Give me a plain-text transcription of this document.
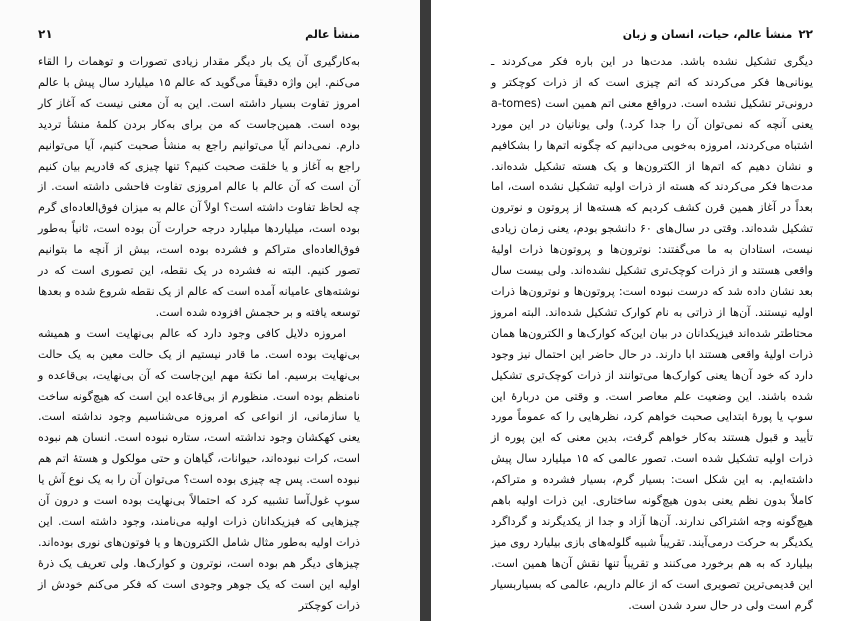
منشأ عالم
۲۱

به‌کارگیری آن یک بار دیگر مقدار زیادی تصورات و توهمات را القاء می‌کنم. این واژه دقیقاً می‌گوید که عالم ۱۵ میلیارد سال پیش با عالم امروز تفاوت بسیار داشته است. این به آن معنی نیست که آغاز کار بوده است. همین‌جاست که من برای به‌کار بردن کلمهٔ منشأ تردید دارم. نمی‌دانم آیا می‌توانیم راجع به منشأ صحبت کنیم، آیا می‌توانیم راجع به آغاز و یا خلقت صحبت کنیم؟ تنها چیزی که قادریم بیان کنیم آن است که آن عالم با عالم امروزی تفاوت فاحشی داشته است. از چه لحاظ تفاوت داشته است؟ اولاً آن عالم به میزان فوق‌العاده‌ای گرم بوده است، میلیاردها میلیارد درجه حرارت آن بوده است، ثانیاً به‌طور فوق‌العاده‌ای متراکم و فشرده بوده است، بیش از آنچه ما بتوانیم تصور کنیم. البته نه فشرده در یک نقطه، این تصوری است که در نوشته‌های عامیانه آمده است که عالم از یک نقطه شروع شده و بعدها توسعه یافته و بر حجمش افزوده شده است.

امروزه دلایل کافی وجود دارد که عالم بی‌نهایت است و همیشه بی‌نهایت بوده است. ما قادر نیستیم از یک حالت معین به یک حالت بی‌نهایت برسیم. اما نکتهٔ مهم این‌جاست که آن بی‌نهایت، بی‌قاعده و نامنظم بوده است. منظورم از بی‌قاعده این است که هیچ‌گونه ساخت یا سازمانی، از انواعی که امروزه می‌شناسیم وجود نداشته است. یعنی کهکشان وجود نداشته است، ستاره نبوده است. انسان هم نبوده است، کرات نبوده‌اند، حیوانات، گیاهان و حتی مولکول و هستهٔ اتم هم نبوده است. پس چه چیزی بوده است؟ می‌توان آن را به یک نوع آش یا سوپ غول‌آسا تشبیه کرد که احتمالاً بی‌نهایت بوده است و درون آن چیزهایی که فیزیکدانان ذرات اولیه می‌نامند، وجود داشته است. این ذرات اولیه به‌طور مثال شامل الکترون‌ها و یا فوتون‌های نوری بوده‌اند. چیزهای دیگر هم بوده است، نوترون و کوارک‌ها. ولی تعریف یک ذرهٔ اولیه این است که یک جوهر وجودی است که فکر می‌کنم خودش از ذرات کوچکتر

۲۲
منشأ عالم، حیات، انسان و زبان

دیگری تشکیل نشده باشد. مدت‌ها در این باره فکر می‌کردند ـ یونانی‌ها فکر می‌کردند که اتم چیزی است که از ذرات کوچکتر و درونی‌تر تشکیل نشده است. درواقع معنی اتم همین است (a-tomes یعنی آنچه که نمی‌توان آن را جدا کرد.) ولی یونانیان در این مورد اشتباه می‌کردند، امروزه به‌خوبی می‌دانیم که چگونه اتم‌ها را بشکافیم و نشان دهیم که اتم‌ها از الکترون‌ها و یک هسته تشکیل شده‌اند. مدت‌ها فکر می‌کردند که هسته از ذرات اولیه تشکیل نشده است، اما بعداً در آغاز همین قرن کشف کردیم که هسته‌ها از پروتون و نوترون تشکیل شده‌اند. وقتی در سال‌های ۶۰ دانشجو بودم، یعنی زمان زیادی نیست، استادان به ما می‌گفتند: نوترون‌ها و پروتون‌ها ذرات اولیهٔ واقعی هستند و از ذرات کوچک‌تری تشکیل نشده‌اند. ولی بیست سال بعد نشان داده شد که درست نبوده است: پروتون‌ها و نوترون‌ها ذرات اولیه نیستند. آن‌ها از ذراتی به نام کوارک تشکیل شده‌اند. البته امروز محتاطتر شده‌اند فیزیکدانان در بیان این‌که کوارک‌ها و الکترون‌ها همان ذرات اولیهٔ واقعی هستند ابا دارند. در حال حاضر این احتمال نیز وجود دارد که خود آن‌ها یعنی کوارک‌ها می‌توانند از ذرات کوچک‌تری تشکیل شده باشند. این وضعیت علم معاصر است. و وقتی من دربارهٔ این سوپ یا پورهٔ ابتدایی صحبت خواهم کرد، نظرهایی را که عموماً مورد تأیید و قبول هستند به‌کار خواهم گرفت، بدین معنی که این پوره از ذرات اولیه تشکیل شده است. تصور عالمی که ۱۵ میلیارد سال پیش داشته‌ایم. به این شکل است: بسیار گرم، بسیار فشرده و متراکم، کاملاً بدون نظم یعنی بدون هیچ‌گونه ساختاری. این ذرات اولیه باهم هیچ‌گونه وجه اشتراکی ندارند. آن‌ها آزاد و جدا از یکدیگرند و گرداگرد یکدیگر به حرکت درمی‌آیند. تقریباً شبیه گلوله‌های بازی بیلیارد روی میز بیلیارد که به هم برخورد می‌کنند و تقریباً تنها نقش آن‌ها همین است. این قدیمی‌ترین تصویری است که از عالم داریم، عالمی که بسیاربسیار گرم است ولی در حال سرد شدن است.
